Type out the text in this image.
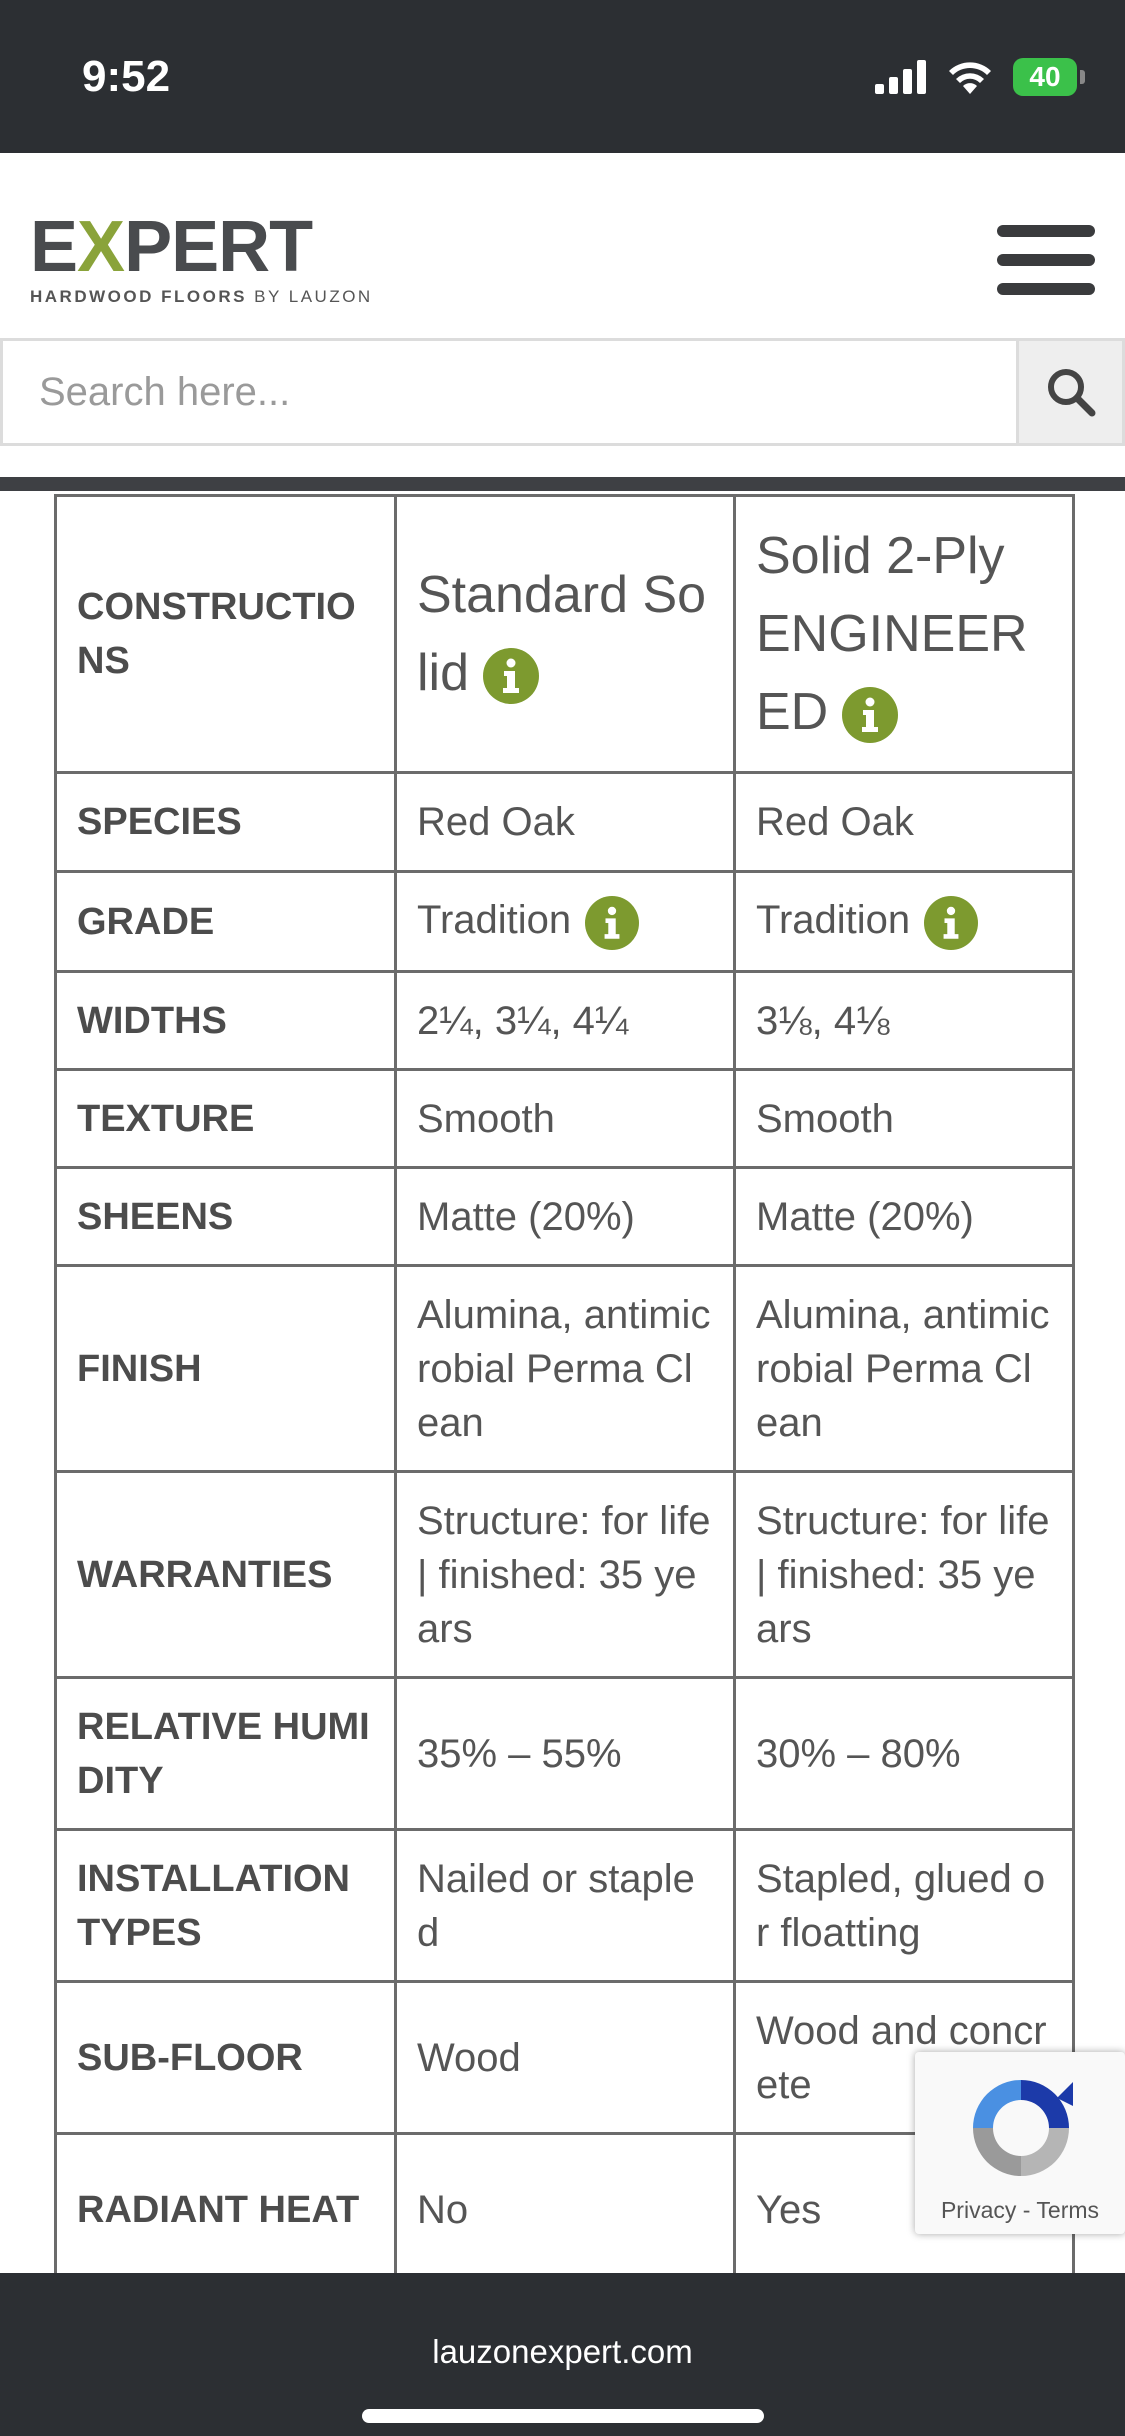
9:52	40
EXPERT
HARDWOOD FLOORS BY LAUZON
Search here...
CONSTRUCTIONS	Standard Solid	Solid 2-Ply ENGINEERED

SPECIES	Red Oak	Red Oak
GRADE	Tradition	Tradition

WIDTHS	2¼, 3¼, 4¼	3⅛, 4⅛
TEXTURE	Smooth	Smooth
SHEENS	Matte (20%)	Matte (20%)
FINISH	Alumina, antimicrobial Perma Clean	Alumina, antimicrobial Perma Clean
WARRANTIES	Structure: for life | finished: 35 years	Structure: for life | finished: 35 years
RELATIVE HUMIDITY	35% – 55%	30% – 80%
INSTALLATION TYPES	Nailed or stapled	Stapled, glued or floatting
SUB-FLOOR	Wood	Wood and concrete
RADIANT HEAT	No	Yes	Privacy - Terms
lauzonexpert.com
